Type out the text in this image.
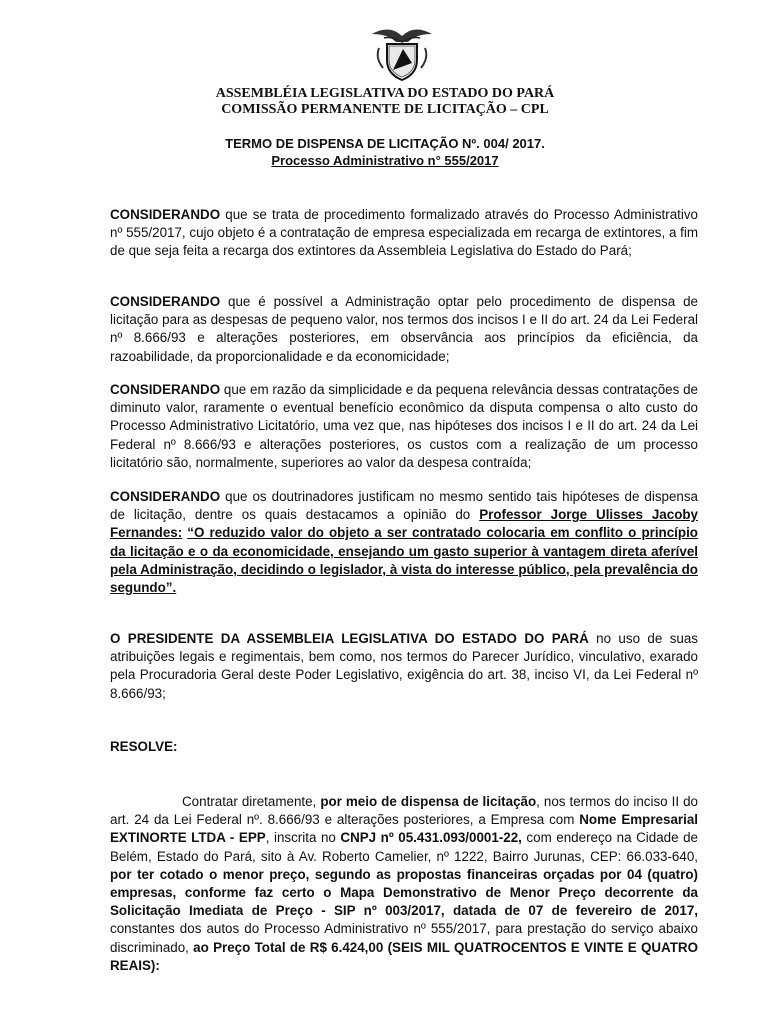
ASSEMBLÉIA LEGISLATIVA DO ESTADO DO PARÁ
COMISSÃO PERMANENTE DE LICITAÇÃO – CPL
TERMO DE DISPENSA DE LICITAÇÃO Nº. 004/ 2017.
Processo Administrativo n° 555/2017

CONSIDERANDO que se trata de procedimento formalizado através do Processo Administrativo nº 555/2017, cujo objeto é a contratação de empresa especializada em recarga de extintores, a fim de que seja feita a recarga dos extintores da Assembleia Legislativa do Estado do Pará;

CONSIDERANDO que é possível a Administração optar pelo procedimento de dispensa de licitação para as despesas de pequeno valor, nos termos dos incisos I e II do art. 24 da Lei Federal nº 8.666/93 e alterações posteriores, em observância aos princípios da eficiência, da razoabilidade, da proporcionalidade e da economicidade;

CONSIDERANDO que em razão da simplicidade e da pequena relevância dessas contratações de diminuto valor, raramente o eventual benefício econômico da disputa compensa o alto custo do Processo Administrativo Licitatório, uma vez que, nas hipóteses dos incisos I e II do art. 24 da Lei Federal nº 8.666/93 e alterações posteriores, os custos com a realização de um processo licitatório são, normalmente, superiores ao valor da despesa contraída;

CONSIDERANDO que os doutrinadores justificam no mesmo sentido tais hipóteses de dispensa de licitação, dentre os quais destacamos a opinião do Professor Jorge Ulisses Jacoby Fernandes: “O reduzido valor do objeto a ser contratado colocaria em conflito o princípio da licitação e o da economicidade, ensejando um gasto superior à vantagem direta aferível pela Administração, decidindo o legislador, à vista do interesse público, pela prevalência do segundo”.

O PRESIDENTE DA ASSEMBLEIA LEGISLATIVA DO ESTADO DO PARÁ no uso de suas atribuições legais e regimentais, bem como, nos termos do Parecer Jurídico, vinculativo, exarado pela Procuradoria Geral deste Poder Legislativo, exigência do art. 38, inciso VI, da Lei Federal nº 8.666/93;

RESOLVE:

Contratar diretamente, por meio de dispensa de licitação, nos termos do inciso II do art. 24 da Lei Federal nº. 8.666/93 e alterações posteriores, a Empresa com Nome Empresarial EXTINORTE LTDA - EPP, inscrita no CNPJ nº 05.431.093/0001-22, com endereço na Cidade de Belém, Estado do Pará, sito à Av. Roberto Camelier, nº 1222, Bairro Jurunas, CEP: 66.033-640, por ter cotado o menor preço, segundo as propostas financeiras orçadas por 04 (quatro) empresas, conforme faz certo o Mapa Demonstrativo de Menor Preço decorrente da Solicitação Imediata de Preço - SIP nº 003/2017, datada de 07 de fevereiro de 2017, constantes dos autos do Processo Administrativo nº 555/2017, para prestação do serviço abaixo discriminado, ao Preço Total de R$ 6.424,00 (SEIS MIL QUATROCENTOS E VINTE E QUATRO REAIS):
